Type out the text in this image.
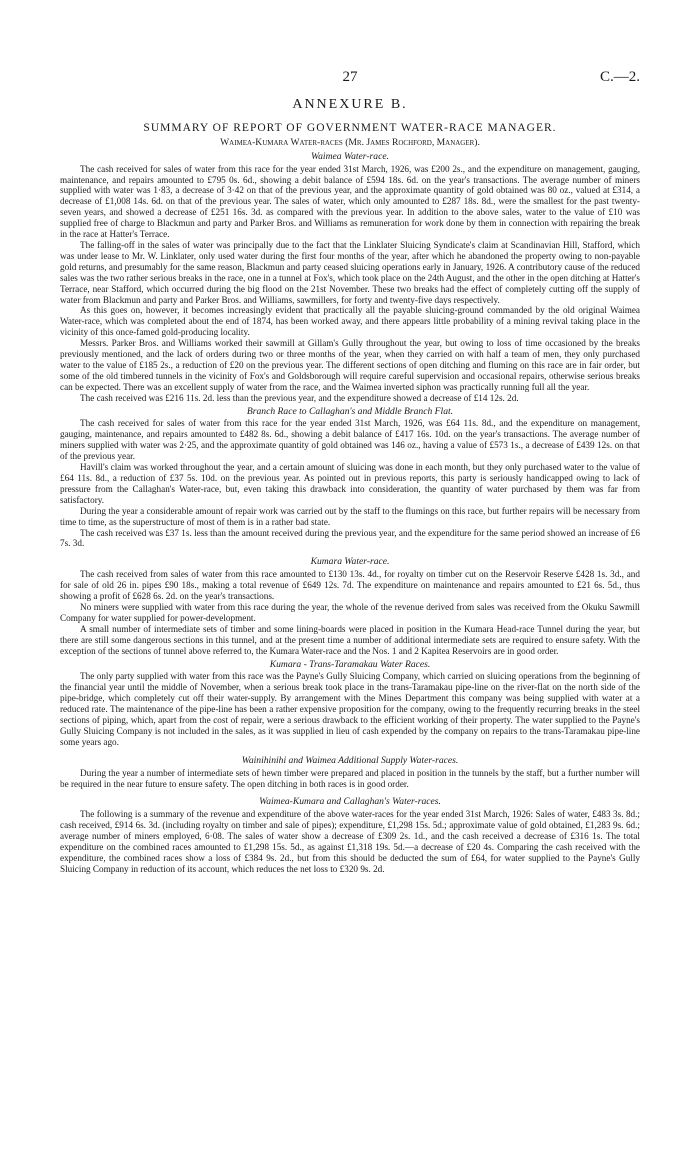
27	C.—2.
ANNEXURE B.
SUMMARY OF REPORT OF GOVERNMENT WATER-RACE MANAGER.
Waimea-Kumara Water-races (Mr. James Rochford, Manager).
Waimea Water-race.

The cash received for sales of water from this race for the year ended 31st March, 1926, was £200 2s., and the expenditure on management, gauging, maintenance, and repairs amounted to £795 0s. 6d., showing a debit balance of £594 18s. 6d. on the year's transactions. The average number of miners supplied with water was 1·83, a decrease of 3·42 on that of the previous year, and the approximate quantity of gold obtained was 80 oz., valued at £314, a decrease of £1,008 14s. 6d. on that of the previous year. The sales of water, which only amounted to £287 18s. 8d., were the smallest for the past twenty-seven years, and showed a decrease of £251 16s. 3d. as compared with the previous year. In addition to the above sales, water to the value of £10 was supplied free of charge to Blackmun and party and Parker Bros. and Williams as remuneration for work done by them in connection with repairing the break in the race at Hatter's Terrace.

The falling-off in the sales of water was principally due to the fact that the Linklater Sluicing Syndicate's claim at Scandinavian Hill, Stafford, which was under lease to Mr. W. Linklater, only used water during the first four months of the year, after which he abandoned the property owing to non-payable gold returns, and presumably for the same reason, Blackmun and party ceased sluicing operations early in January, 1926. A contributory cause of the reduced sales was the two rather serious breaks in the race, one in a tunnel at Fox's, which took place on the 24th August, and the other in the open ditching at Hatter's Terrace, near Stafford, which occurred during the big flood on the 21st November. These two breaks had the effect of completely cutting off the supply of water from Blackmun and party and Parker Bros. and Williams, sawmillers, for forty and twenty-five days respectively.

As this goes on, however, it becomes increasingly evident that practically all the payable sluicing-ground commanded by the old original Waimea Water-race, which was completed about the end of 1874, has been worked away, and there appears little probability of a mining revival taking place in the vicinity of this once-famed gold-producing locality.

Messrs. Parker Bros. and Williams worked their sawmill at Gillam's Gully throughout the year, but owing to loss of time occasioned by the breaks previously mentioned, and the lack of orders during two or three months of the year, when they carried on with half a team of men, they only purchased water to the value of £185 2s., a reduction of £20 on the previous year. The different sections of open ditching and fluming on this race are in fair order, but some of the old timbered tunnels in the vicinity of Fox's and Goldsborough will require careful supervision and occasional repairs, otherwise serious breaks can be expected. There was an excellent supply of water from the race, and the Waimea inverted siphon was practically running full all the year.

The cash received was £216 11s. 2d. less than the previous year, and the expenditure showed a decrease of £14 12s. 2d.

Branch Race to Callaghan's and Middle Branch Flat.

The cash received for sales of water from this race for the year ended 31st March, 1926, was £64 11s. 8d., and the expenditure on management, gauging, maintenance, and repairs amounted to £482 8s. 6d., showing a debit balance of £417 16s. 10d. on the year's transactions. The average number of miners supplied with water was 2·25, and the approximate quantity of gold obtained was 146 oz., having a value of £573 1s., a decrease of £439 12s. on that of the previous year.

Havill's claim was worked throughout the year, and a certain amount of sluicing was done in each month, but they only purchased water to the value of £64 11s. 8d., a reduction of £37 5s. 10d. on the previous year. As pointed out in previous reports, this party is seriously handicapped owing to lack of pressure from the Callaghan's Water-race, but, even taking this drawback into consideration, the quantity of water purchased by them was far from satisfactory.

During the year a considerable amount of repair work was carried out by the staff to the flumings on this race, but further repairs will be necessary from time to time, as the superstructure of most of them is in a rather bad state.

The cash received was £37 1s. less than the amount received during the previous year, and the expenditure for the same period showed an increase of £6 7s. 3d.

Kumara Water-race.

The cash received from sales of water from this race amounted to £130 13s. 4d., for royalty on timber cut on the Reservoir Reserve £428 1s. 3d., and for sale of old 26 in. pipes £90 18s., making a total revenue of £649 12s. 7d. The expenditure on maintenance and repairs amounted to £21 6s. 5d., thus showing a profit of £628 6s. 2d. on the year's transactions.

No miners were supplied with water from this race during the year, the whole of the revenue derived from sales was received from the Okuku Sawmill Company for water supplied for power-development.

A small number of intermediate sets of timber and some lining-boards were placed in position in the Kumara Head-race Tunnel during the year, but there are still some dangerous sections in this tunnel, and at the present time a number of additional intermediate sets are required to ensure safety. With the exception of the sections of tunnel above referred to, the Kumara Water-race and the Nos. 1 and 2 Kapitea Reservoirs are in good order.

Kumara - Trans-Taramakau Water Races.

The only party supplied with water from this race was the Payne's Gully Sluicing Company, which carried on sluicing operations from the beginning of the financial year until the middle of November, when a serious break took place in the trans-Taramakau pipe-line on the river-flat on the north side of the pipe-bridge, which completely cut off their water-supply. By arrangement with the Mines Department this company was being supplied with water at a reduced rate. The maintenance of the pipe-line has been a rather expensive proposition for the company, owing to the frequently recurring breaks in the steel sections of piping, which, apart from the cost of repair, were a serious drawback to the efficient working of their property. The water supplied to the Payne's Gully Sluicing Company is not included in the sales, as it was supplied in lieu of cash expended by the company on repairs to the trans-Taramakau pipe-line some years ago.

Wainihinihi and Waimea Additional Supply Water-races.

During the year a number of intermediate sets of hewn timber were prepared and placed in position in the tunnels by the staff, but a further number will be required in the near future to ensure safety. The open ditching in both races is in good order.

Waimea-Kumara and Callaghan's Water-races.

The following is a summary of the revenue and expenditure of the above water-races for the year ended 31st March, 1926: Sales of water, £483 3s. 8d.; cash received, £914 6s. 3d. (including royalty on timber and sale of pipes); expenditure, £1,298 15s. 5d.; approximate value of gold obtained, £1,283 9s. 6d.; average number of miners employed, 6·08. The sales of water show a decrease of £309 2s. 1d., and the cash received a decrease of £316 1s. The total expenditure on the combined races amounted to £1,298 15s. 5d., as against £1,318 19s. 5d.—a decrease of £20 4s. Comparing the cash received with the expenditure, the combined races show a loss of £384 9s. 2d., but from this should be deducted the sum of £64, for water supplied to the Payne's Gully Sluicing Company in reduction of its account, which reduces the net loss to £320 9s. 2d.
